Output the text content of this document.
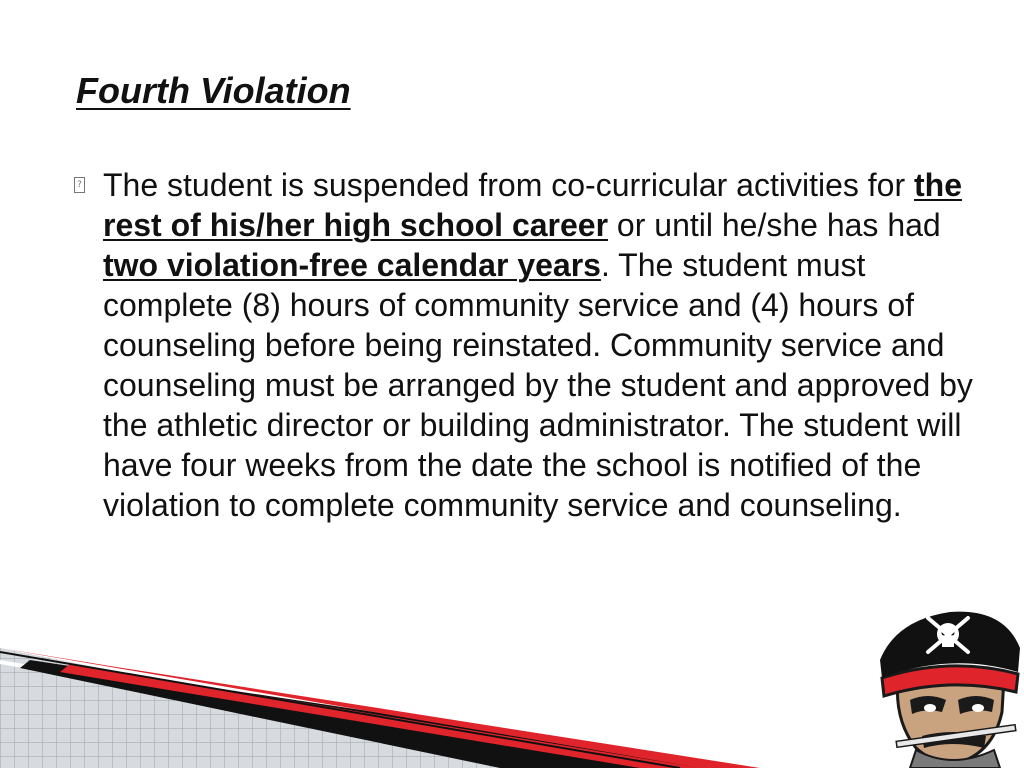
Fourth Violation
? The student is suspended from co-curricular activities for the rest of his/her high school career or until he/she has had two violation-free calendar years. The student must complete (8) hours of community service and (4) hours of counseling before being reinstated. Community service and counseling must be arranged by the student and approved by the athletic director or building administrator. The student will have four weeks from the date the school is notified of the violation to complete community service and counseling.
